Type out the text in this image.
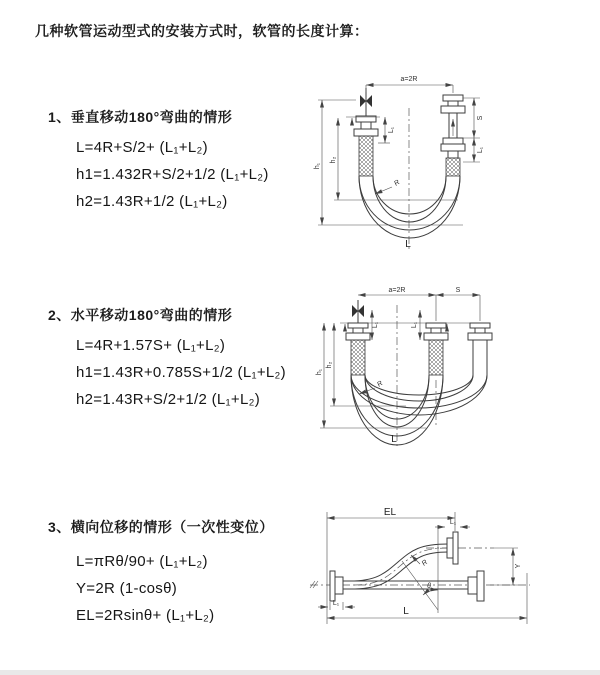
几种软管运动型式的安装方式时，软管的长度计算：
1、垂直移动180°弯曲的情形
L=4R+S/2+ (L₁+L₂)
h1=1.432R+S/2+1/2 (L₁+L₂)
h2=1.43R+1/2 (L₁+L₂)
2、水平移动180°弯曲的情形
L=4R+1.57S+ (L₁+L₂)
h1=1.43R+0.785S+1/2 (L₁+L₂)
h2=1.43R+S/2+1/2 (L₁+L₂)
3、横向位移的情形（一次性变位）
L=πRθ/90+ (L₁+L₂)
Y=2R (1-cosθ)
EL=2Rsinθ+ (L₁+L₂)
a=2R
S
L₁
L₁
h₁
h₂
R
L
a=2R	S
L₁	L₁
h₁
h₂
R
L
EL
L₁
θ
R	Y
L₁
L
